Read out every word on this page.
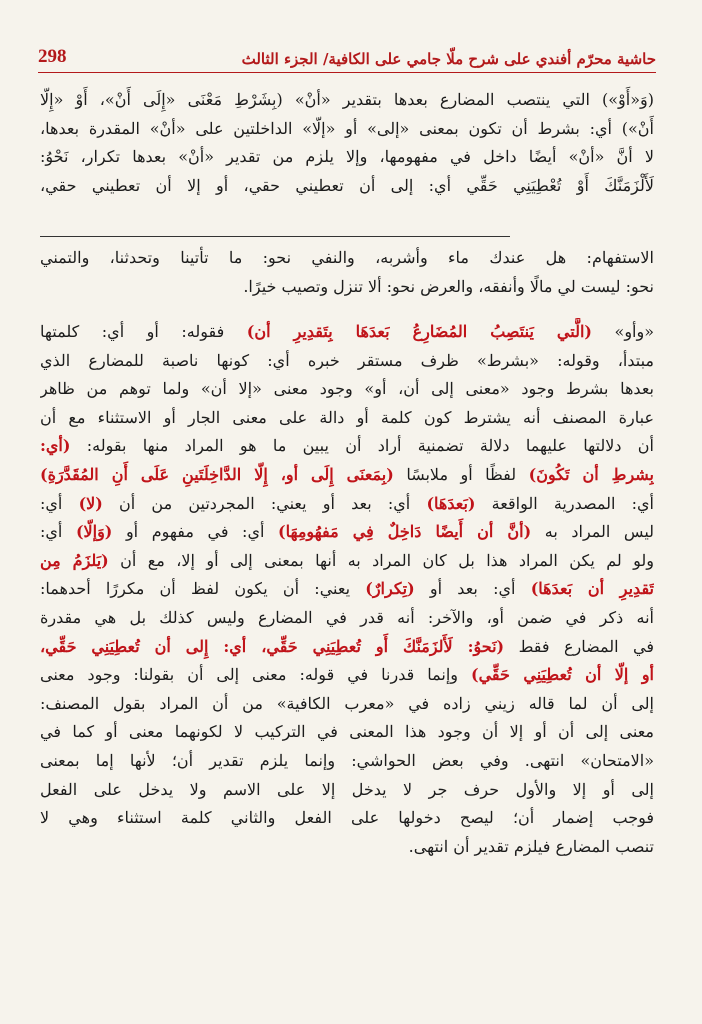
298	حاشية محرّم أفندي على شرح ملّا جامي على الكافية/ الجزء الثالث
(وَ«أَوْ») التي ينتصب المضارع بعدها بتقدير «أنْ» (بِشَرْطِ مَعْنَى «إِلَى أَنْ»، أَوْ «إِلّا
أَنْ») أي: بشرط أن تكون بمعنى «إلى» أو «إلّا» الداخلتين على «أنْ» المقدرة بعدها،
لا أنَّ «أنْ» أيضًا داخل في مفهومها، وإلا يلزم من تقدير «أنْ» بعدها تكرار، نَحْوُ:
لَأَلْزَمَنَّكَ أَوْ تُعْطِيَنِي حَقِّي أي: إلى أن تعطيني حقي، أو إلا أن تعطيني حقي،
الاستفهام: هل عندك ماء وأشربه، والنفي نحو: ما تأتينا وتحدثنا، والتمني
نحو: ليست لي مالًا وأنفقه، والعرض نحو: ألا تنزل وتصيب خيرًا.
«وأو» (الَّتي يَنتَصِبُ المُضَارِعُ بَعدَهَا بِتَقدِيرِ أن) فقوله: أو أي: كلمتها
مبتدأ، وقوله: «بشرط» ظرف مستقر خبره أي: كونها ناصبة للمضارع الذي
بعدها بشرط وجود «معنى إلى أن، أو» وجود معنى «إلا أن» ولما توهم من ظاهر
عبارة المصنف أنه يشترط كون كلمة أو دالة على معنى الجار أو الاستثناء مع أن
أن دلالتها عليهما دلالة تضمنية أراد أن يبين ما هو المراد منها بقوله: (أي:
بِشرطِ أن تَكُونَ) لفظًا أو ملابسًا (بِمَعنَى إِلَى أو، إِلّا الدَّاخِلَتَينِ عَلَى أَنِ المُقَدَّرَةِ)
أي: المصدرية الواقعة (بَعدَهَا) أي: بعد أو يعني: المجردتين من أن (لا) أي:
ليس المراد به (أنَّ أن أَيضًا دَاخِلٌ فِي مَفهُومِهَا) أي: في مفهوم أو (وَإلّا) أي:
ولو لم يكن المراد هذا بل كان المراد به أنها بمعنى إلى أو إلا، مع أن (يَلزَمُ مِن
تَقدِيرِ أن بَعدَهَا) أي: بعد أو (تِكرارٌ) يعني: أن يكون لفظ أن مكررًا أحدهما:
أنه ذكر في ضمن أو، والآخر: أنه قدر في المضارع وليس كذلك بل هي مقدرة
في المضارع فقط (نَحوُ: لَأَلزَمَنَّكَ أَو تُعطِيَنِي حَقِّي، أي: إِلى أن تُعطِيَنِي حَقِّي،
أو إلّا أن تُعطِيَنِي حَقِّي) وإنما قدرنا في قوله: معنى إلى أن بقولنا: وجود معنى
إلى أن لما قاله زيني زاده في «معرب الكافية» من أن المراد بقول المصنف:
معنى إلى أن أو إلا أن وجود هذا المعنى في التركيب لا لكونهما معنى أو كما في
«الامتحان» انتهى. وفي بعض الحواشي: وإنما يلزم تقدير أن؛ لأنها إما بمعنى
إلى أو إلا والأول حرف جر لا يدخل إلا على الاسم ولا يدخل على الفعل
فوجب إضمار أن؛ ليصح دخولها على الفعل والثاني كلمة استثناء وهي لا
تنصب المضارع فيلزم تقدير أن انتهى.
